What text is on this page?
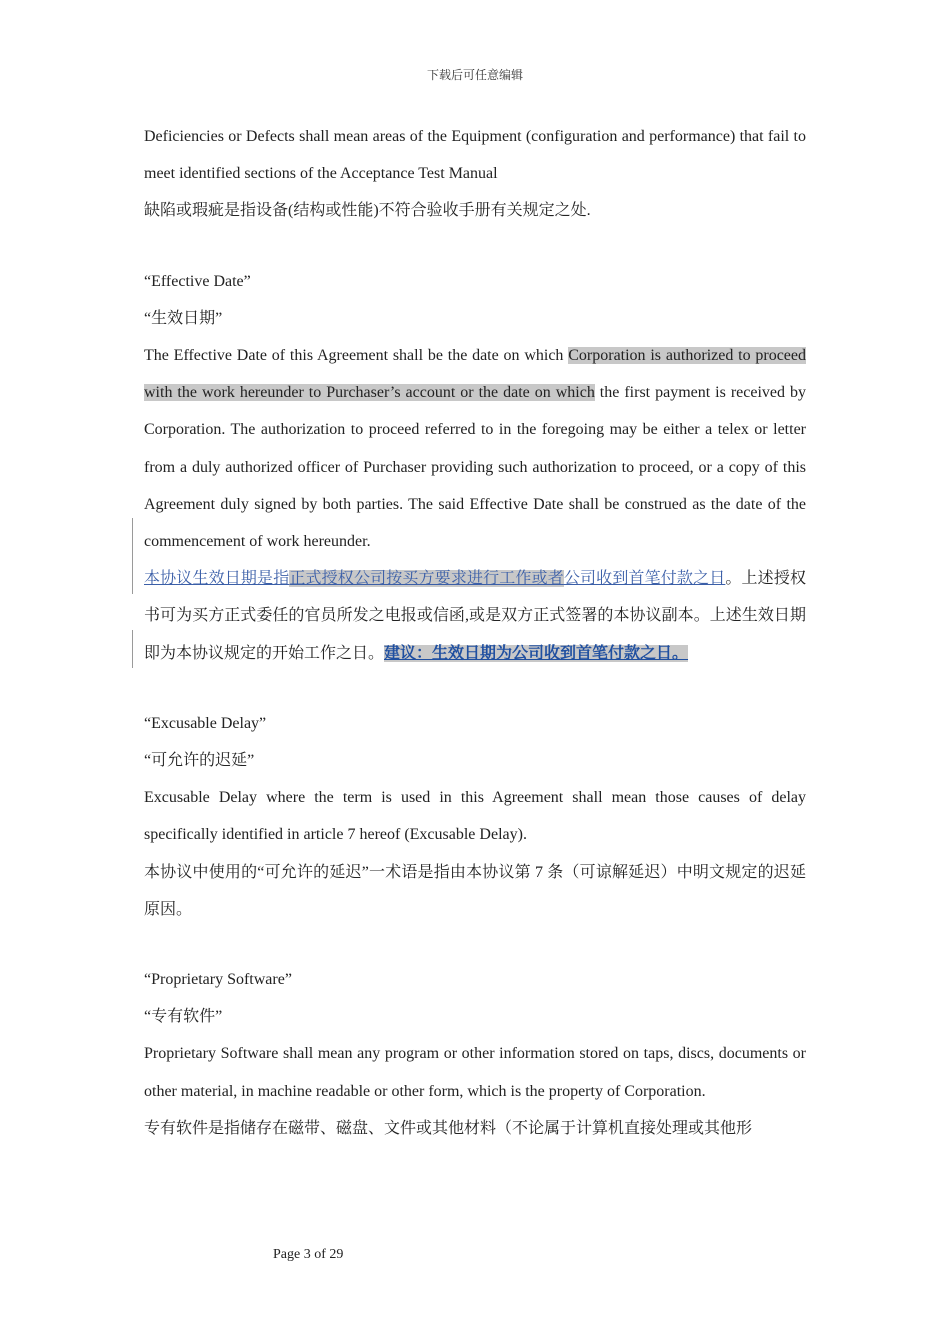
下载后可任意编辑

Deficiencies or Defects shall mean areas of the Equipment (configuration and performance) that fail to meet identified sections of the Acceptance Test Manual

缺陷或瑕疵是指设备(结构或性能)不符合验收手册有关规定之处.

“Effective Date”

“生效日期”

The Effective Date of this Agreement shall be the date on which Corporation is authorized to proceed with the work hereunder to Purchaser’s account or the date on which the first payment is received by Corporation. The authorization to proceed referred to in the foregoing may be either a telex or letter from a duly authorized officer of Purchaser providing such authorization to proceed, or a copy of this Agreement duly signed by both parties. The said Effective Date shall be construed as the date of the commencement of work hereunder.

本协议生效日期是指正式授权公司按买方要求进行工作或者公司收到首笔付款之日。上述授权书可为买方正式委任的官员所发之电报或信函,或是双方正式签署的本协议副本。上述生效日期即为本协议规定的开始工作之日。建议：生效日期为公司收到首笔付款之日。

“Excusable Delay”

“可允许的迟延”

Excusable Delay where the term is used in this Agreement shall mean those causes of delay specifically identified in article 7 hereof (Excusable Delay).

本协议中使用的“可允许的延迟”一术语是指由本协议第 7 条（可谅解延迟）中明文规定的迟延原因。

“Proprietary Software”

“专有软件”

Proprietary Software shall mean any program or other information stored on taps, discs, documents or other material, in machine readable or other form, which is the property of Corporation.

专有软件是指储存在磁带、磁盘、文件或其他材料（不论属于计算机直接处理或其他形

Page 3 of 29
